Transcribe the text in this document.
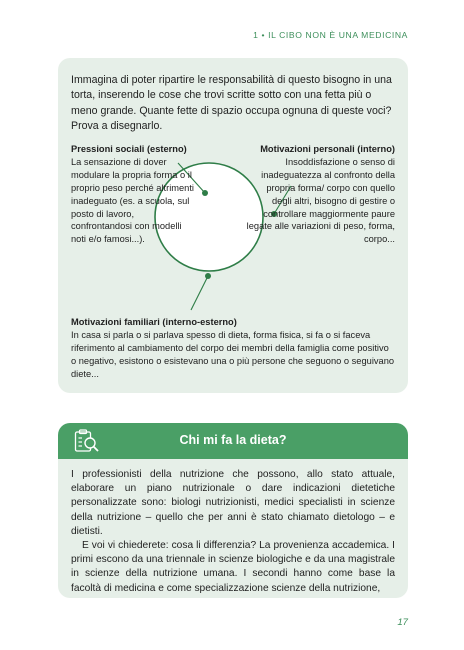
1 • IL CIBO NON È UNA MEDICINA

Immagina di poter ripartire le responsabilità di questo bisogno in una torta, inserendo le cose che trovi scritte sotto con una fetta più o meno grande. Quante fette di spazio occupa ognuna di queste voci? Prova a disegnarlo.

Pressioni sociali (esterno)
La sensazione di dover modulare la propria forma o il proprio peso perché altrimenti inadeguato (es. a scuola, sul posto di lavoro, confrontandosi con modelli noti e/o famosi...).
Motivazioni personali (interno)
Insoddisfazione o senso di inadeguatezza al confronto della propria forma/ corpo con quello degli altri, bisogno di gestire o controllare maggiormente paure legate alle variazioni di peso, forma, corpo...
Motivazioni familiari (interno-esterno)
In casa si parla o si parlava spesso di dieta, forma fisica, si fa o si faceva riferimento al cambiamento del corpo dei membri della famiglia come positivo o negativo, esistono o esistevano una o più persone che seguono o seguivano diete...
Chi mi fa la dieta?

I professionisti della nutrizione che possono, allo stato attuale, elaborare un piano nutrizionale o dare indicazioni dietetiche personalizzate sono: biologi nutrizionisti, medici specialisti in scienze della nutrizione – quello che per anni è stato chiamato dietologo – e dietisti.
E voi vi chiederete: cosa li differenzia? La provenienza accademica. I primi escono da una triennale in scienze biologiche e da una magistrale in scienze della nutrizione umana. I secondi hanno come base la facoltà di medicina e come specializzazione scienze della nutrizione,

17
